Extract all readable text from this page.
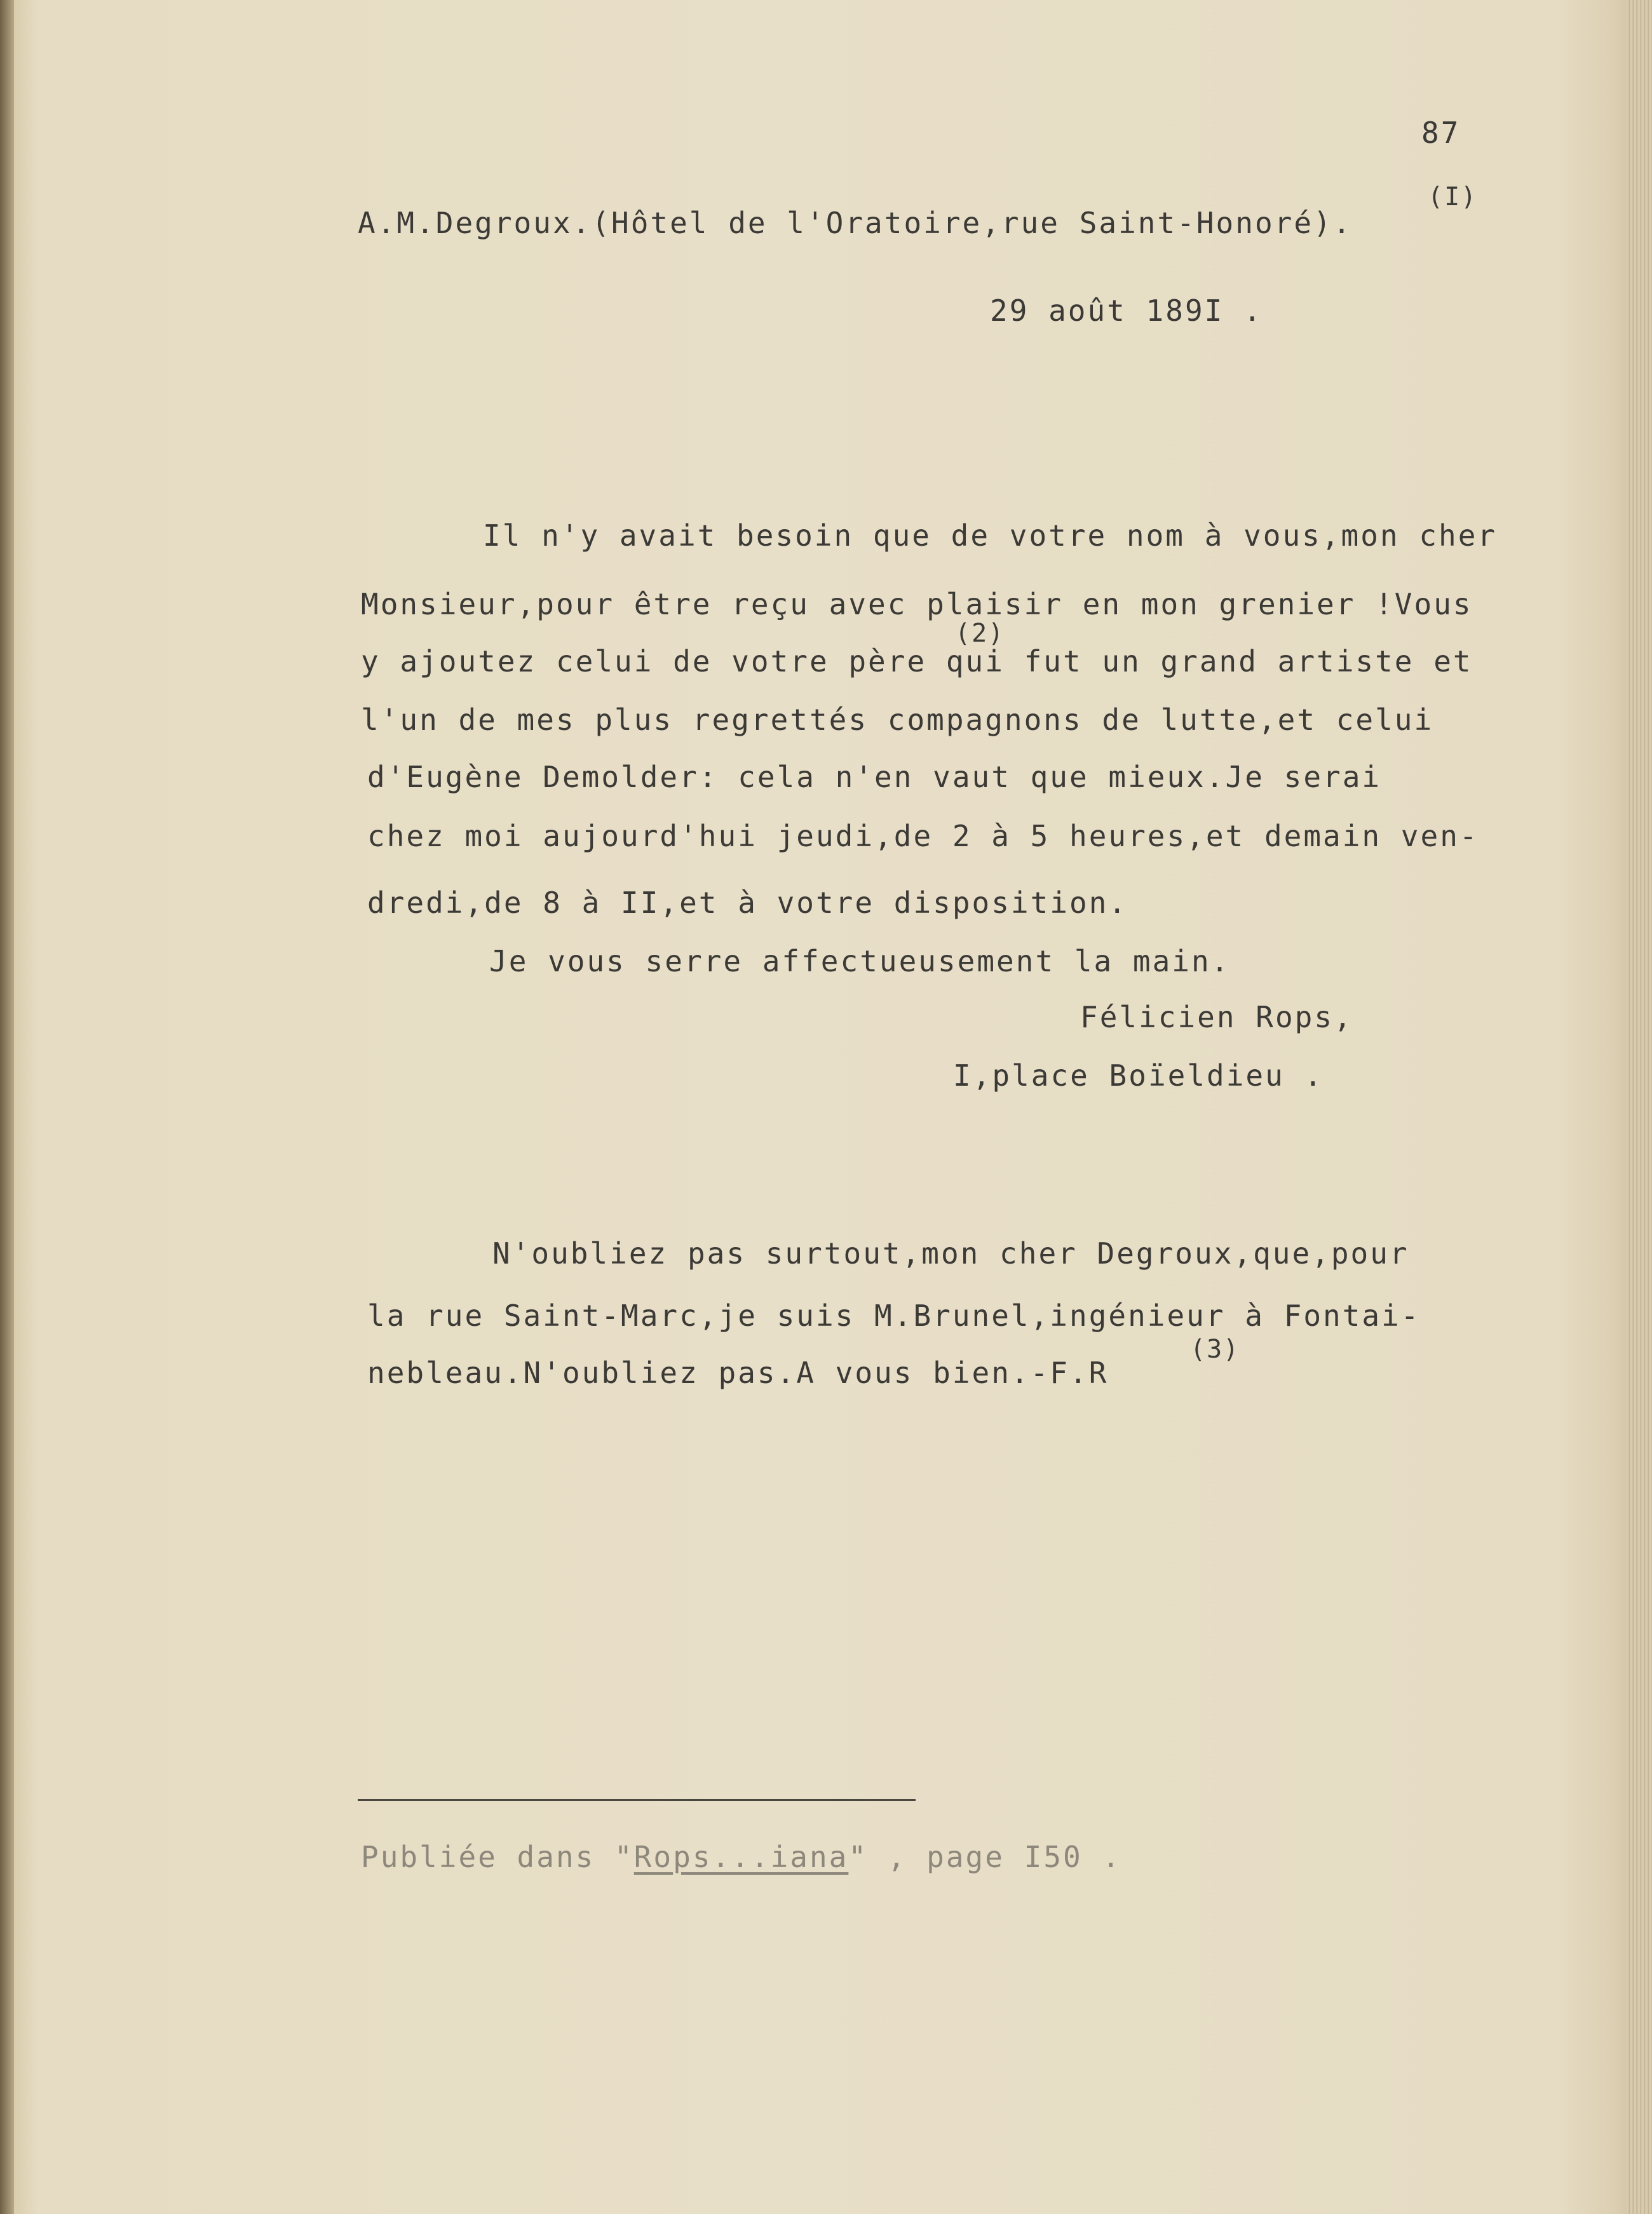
87
A.M.Degroux.(Hôtel de l'Oratoire,rue Saint-Honoré).
(I)
29 août 189I .
Il n'y avait besoin que de votre nom à vous,mon cher
Monsieur,pour être reçu avec plaisir en mon grenier !Vous
(2)
y ajoutez celui de votre père qui fut un grand artiste et
l'un de mes plus regrettés compagnons de lutte,et celui
d'Eugène Demolder: cela n'en vaut que mieux.Je serai
chez moi aujourd'hui jeudi,de 2 à 5 heures,et demain ven-
dredi,de 8 à II,et à votre disposition.
Je vous serre affectueusement la main.
Félicien Rops,
I,place Boïeldieu .
N'oubliez pas surtout,mon cher Degroux,que,pour
la rue Saint-Marc,je suis M.Brunel,ingénieur à Fontai-
nebleau.N'oubliez pas.A vous bien.-F.R
(3)
Publiée dans "Rops...iana" , page I50 .
